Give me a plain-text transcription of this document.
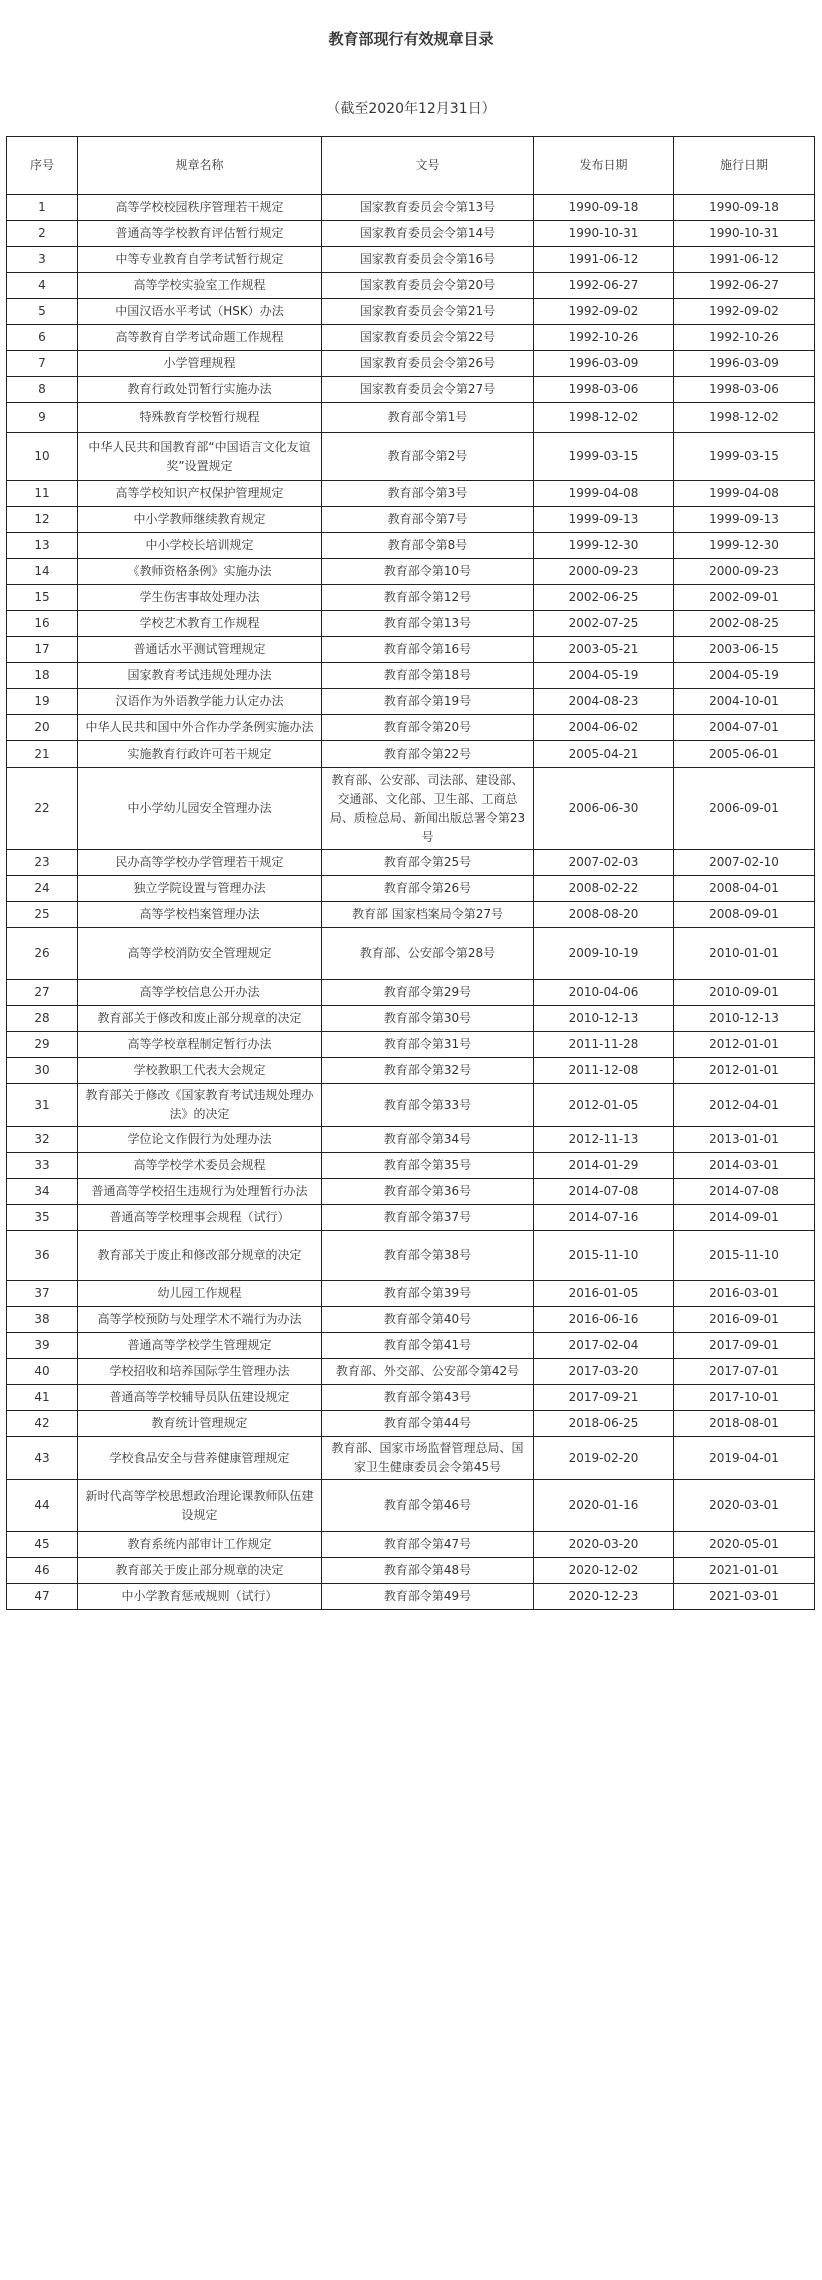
教育部现行有效规章目录
（截至2020年12月31日）
序号	规章名称	文号	发布日期	施行日期
1	高等学校校园秩序管理若干规定	国家教育委员会令第13号	1990-09-18	1990-09-18
2	普通高等学校教育评估暂行规定	国家教育委员会令第14号	1990-10-31	1990-10-31
3	中等专业教育自学考试暂行规定	国家教育委员会令第16号	1991-06-12	1991-06-12
4	高等学校实验室工作规程	国家教育委员会令第20号	1992-06-27	1992-06-27
5	中国汉语水平考试（HSK）办法	国家教育委员会令第21号	1992-09-02	1992-09-02
6	高等教育自学考试命题工作规程	国家教育委员会令第22号	1992-10-26	1992-10-26
7	小学管理规程	国家教育委员会令第26号	1996-03-09	1996-03-09
8	教育行政处罚暂行实施办法	国家教育委员会令第27号	1998-03-06	1998-03-06
9	特殊教育学校暂行规程	教育部令第1号	1998-12-02	1998-12-02
10	中华人民共和国教育部“中国语言文化友谊奖”设置规定	教育部令第2号	1999-03-15	1999-03-15
11	高等学校知识产权保护管理规定	教育部令第3号	1999-04-08	1999-04-08
12	中小学教师继续教育规定	教育部令第7号	1999-09-13	1999-09-13
13	中小学校长培训规定	教育部令第8号	1999-12-30	1999-12-30
14	《教师资格条例》实施办法	教育部令第10号	2000-09-23	2000-09-23
15	学生伤害事故处理办法	教育部令第12号	2002-06-25	2002-09-01
16	学校艺术教育工作规程	教育部令第13号	2002-07-25	2002-08-25
17	普通话水平测试管理规定	教育部令第16号	2003-05-21	2003-06-15
18	国家教育考试违规处理办法	教育部令第18号	2004-05-19	2004-05-19
19	汉语作为外语教学能力认定办法	教育部令第19号	2004-08-23	2004-10-01
20	中华人民共和国中外合作办学条例实施办法	教育部令第20号	2004-06-02	2004-07-01
21	实施教育行政许可若干规定	教育部令第22号	2005-04-21	2005-06-01
22	中小学幼儿园安全管理办法	教育部、公安部、司法部、建设部、交通部、文化部、卫生部、工商总局、质检总局、新闻出版总署令第23号	2006-06-30	2006-09-01
23	民办高等学校办学管理若干规定	教育部令第25号	2007-02-03	2007-02-10
24	独立学院设置与管理办法	教育部令第26号	2008-02-22	2008-04-01
25	高等学校档案管理办法	教育部 国家档案局令第27号	2008-08-20	2008-09-01
26	高等学校消防安全管理规定	教育部、公安部令第28号	2009-10-19	2010-01-01
27	高等学校信息公开办法	教育部令第29号	2010-04-06	2010-09-01
28	教育部关于修改和废止部分规章的决定	教育部令第30号	2010-12-13	2010-12-13
29	高等学校章程制定暂行办法	教育部令第31号	2011-11-28	2012-01-01
30	学校教职工代表大会规定	教育部令第32号	2011-12-08	2012-01-01
31	教育部关于修改《国家教育考试违规处理办法》的决定	教育部令第33号	2012-01-05	2012-04-01
32	学位论文作假行为处理办法	教育部令第34号	2012-11-13	2013-01-01
33	高等学校学术委员会规程	教育部令第35号	2014-01-29	2014-03-01
34	普通高等学校招生违规行为处理暂行办法	教育部令第36号	2014-07-08	2014-07-08
35	普通高等学校理事会规程（试行）	教育部令第37号	2014-07-16	2014-09-01
36	教育部关于废止和修改部分规章的决定	教育部令第38号	2015-11-10	2015-11-10
37	幼儿园工作规程	教育部令第39号	2016-01-05	2016-03-01
38	高等学校预防与处理学术不端行为办法	教育部令第40号	2016-06-16	2016-09-01
39	普通高等学校学生管理规定	教育部令第41号	2017-02-04	2017-09-01
40	学校招收和培养国际学生管理办法	教育部、外交部、公安部令第42号	2017-03-20	2017-07-01
41	普通高等学校辅导员队伍建设规定	教育部令第43号	2017-09-21	2017-10-01
42	教育统计管理规定	教育部令第44号	2018-06-25	2018-08-01
43	学校食品安全与营养健康管理规定	教育部、国家市场监督管理总局、国家卫生健康委员会令第45号	2019-02-20	2019-04-01
44	新时代高等学校思想政治理论课教师队伍建设规定	教育部令第46号	2020-01-16	2020-03-01
45	教育系统内部审计工作规定	教育部令第47号	2020-03-20	2020-05-01
46	教育部关于废止部分规章的决定	教育部令第48号	2020-12-02	2021-01-01
47	中小学教育惩戒规则（试行）	教育部令第49号	2020-12-23	2021-03-01
